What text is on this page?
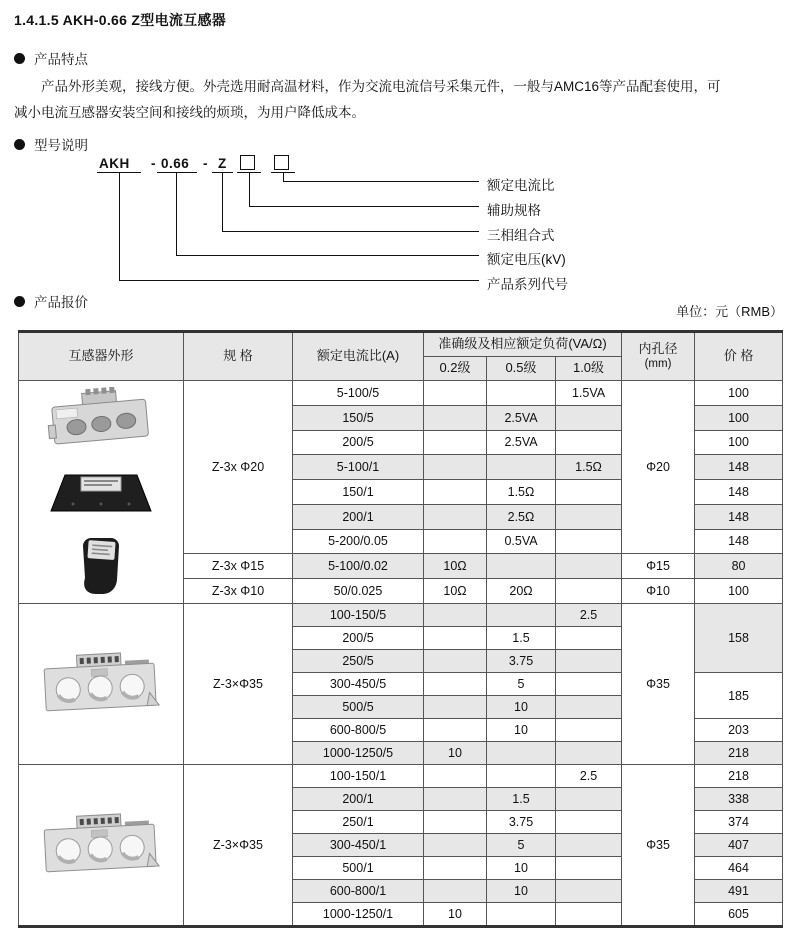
1.4.1.5 AKH-0.66 Z型电流互感器
产品特点
产品外形美观，接线方便。外壳选用耐高温材料，作为交流电流信号采集元件，一般与AMC16等产品配套使用，可
减小电流互感器安装空间和接线的烦琐，为用户降低成本。
型号说明
AKH - 0.66 - Z
额定电流比
辅助规格
三相组合式
额定电压(kV)
产品系列代号
产品报价
单位：元（RMB）
互感器外形	规 格	额定电流比(A)	准确级及相应额定负荷(VA/Ω)			内孔径
(mm)	价 格
			0.2级	0.5级	1.0级		

	Z-3x Φ20	5-100/5			1.5VA	Φ20	100
		150/5		2.5VA			100
		200/5		2.5VA			100
		5-100/1			1.5Ω		148
		150/1		1.5Ω			148
		200/1		2.5Ω			148
		5-200/0.05		0.5VA			148
	Z-3x Φ15	5-100/0.02	10Ω			Φ15	80
	Z-3x Φ10	50/0.025	10Ω	20Ω		Φ10	100

	Z-3×Φ35	100-150/5			2.5	Φ35	158
		200/5		1.5			
		250/5		3.75			
		300-450/5		5			185
		500/5		10			
		600-800/5		10			203
		1000-1250/5	10				218

	Z-3×Φ35	100-150/1			2.5	Φ35	218
		200/1		1.5			338
		250/1		3.75			374
		300-450/1		5			407
		500/1		10			464
		600-800/1		10			491
		1000-1250/1	10				605
